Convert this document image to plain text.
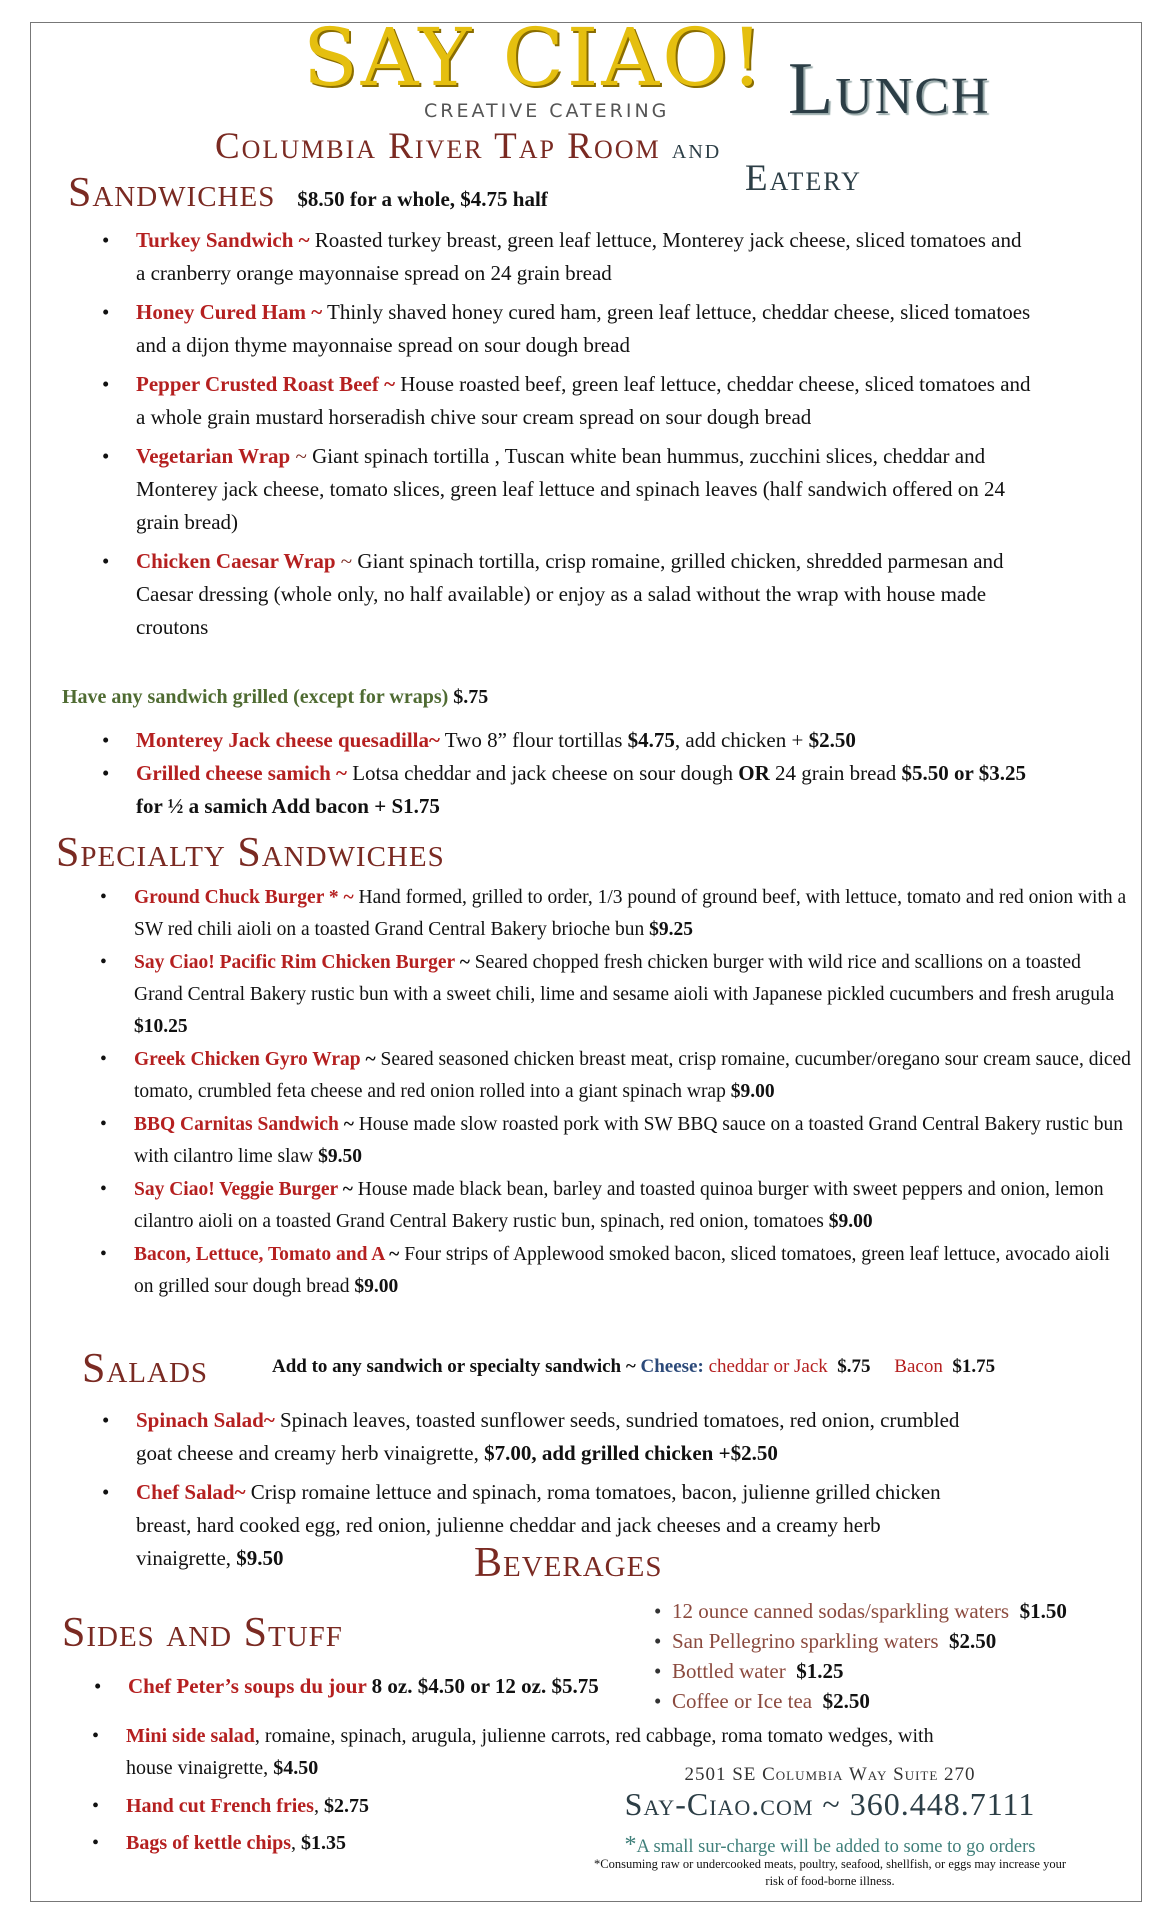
SAY CIAO!
CREATIVE CATERING Lunch
Columbia River Tap Room and
Eatery
Sandwiches $8.50 for a whole, $4.75 half
• Turkey Sandwich ~ Roasted turkey breast, green leaf lettuce, Monterey jack cheese, sliced tomatoes and a cranberry orange mayonnaise spread on 24 grain bread
• Honey Cured Ham ~ Thinly shaved honey cured ham, green leaf lettuce, cheddar cheese, sliced tomatoes and a dijon thyme mayonnaise spread on sour dough bread
• Pepper Crusted Roast Beef ~ House roasted beef, green leaf lettuce, cheddar cheese, sliced tomatoes and a whole grain mustard horseradish chive sour cream spread on sour dough bread
• Vegetarian Wrap ~ Giant spinach tortilla , Tuscan white bean hummus, zucchini slices, cheddar and Monterey jack cheese, tomato slices, green leaf lettuce and spinach leaves (half sandwich offered on 24 grain bread)
• Chicken Caesar Wrap ~ Giant spinach tortilla, crisp romaine, grilled chicken, shredded parmesan and Caesar dressing (whole only, no half available) or enjoy as a salad without the wrap with house made croutons
Have any sandwich grilled (except for wraps) $.75
• Monterey Jack cheese quesadilla~ Two 8” flour tortillas $4.75, add chicken + $2.50
• Grilled cheese samich ~ Lotsa cheddar and jack cheese on sour dough OR 24 grain bread $5.50 or $3.25 for ½ a samich Add bacon + S1.75
Specialty Sandwiches
• Ground Chuck Burger * ~ Hand formed, grilled to order, 1/3 pound of ground beef, with lettuce, tomato and red onion with a SW red chili aioli on a toasted Grand Central Bakery brioche bun $9.25
• Say Ciao! Pacific Rim Chicken Burger ~ Seared chopped fresh chicken burger with wild rice and scallions on a toasted Grand Central Bakery rustic bun with a sweet chili, lime and sesame aioli with Japanese pickled cucumbers and fresh arugula $10.25
• Greek Chicken Gyro Wrap ~ Seared seasoned chicken breast meat, crisp romaine, cucumber/oregano sour cream sauce, diced tomato, crumbled feta cheese and red onion rolled into a giant spinach wrap $9.00
• BBQ Carnitas Sandwich ~ House made slow roasted pork with SW BBQ sauce on a toasted Grand Central Bakery rustic bun with cilantro lime slaw $9.50
• Say Ciao! Veggie Burger ~ House made black bean, barley and toasted quinoa burger with sweet peppers and onion, lemon cilantro aioli on a toasted Grand Central Bakery rustic bun, spinach, red onion, tomatoes $9.00
• Bacon, Lettuce, Tomato and A ~ Four strips of Applewood smoked bacon, sliced tomatoes, green leaf lettuce, avocado aioli on grilled sour dough bread $9.00
Salads	Add to any sandwich or specialty sandwich ~ Cheese: cheddar or Jack $.75 Bacon $1.75
• Spinach Salad~ Spinach leaves, toasted sunflower seeds, sundried tomatoes, red onion, crumbled goat cheese and creamy herb vinaigrette, $7.00, add grilled chicken +$2.50
• Chef Salad~ Crisp romaine lettuce and spinach, roma tomatoes, bacon, julienne grilled chicken breast, hard cooked egg, red onion, julienne cheddar and jack cheeses and a creamy herb vinaigrette, $9.50	Beverages
• 12 ounce canned sodas/sparkling waters $1.50
• San Pellegrino sparkling waters $2.50
• Bottled water $1.25
• Coffee or Ice tea $2.50
Sides and Stuff
• Chef Peter’s soups du jour 8 oz. $4.50 or 12 oz. $5.75
• Mini side salad, romaine, spinach, arugula, julienne carrots, red cabbage, roma tomato wedges, with house vinaigrette, $4.50
• Hand cut French fries, $2.75
• Bags of kettle chips, $1.35
2501 SE Columbia Way Suite 270
Say-Ciao.com ~ 360.448.7111
*A small sur-charge will be added to some to go orders
*Consuming raw or undercooked meats, poultry, seafood, shellfish, or eggs may increase your risk of food-borne illness.
